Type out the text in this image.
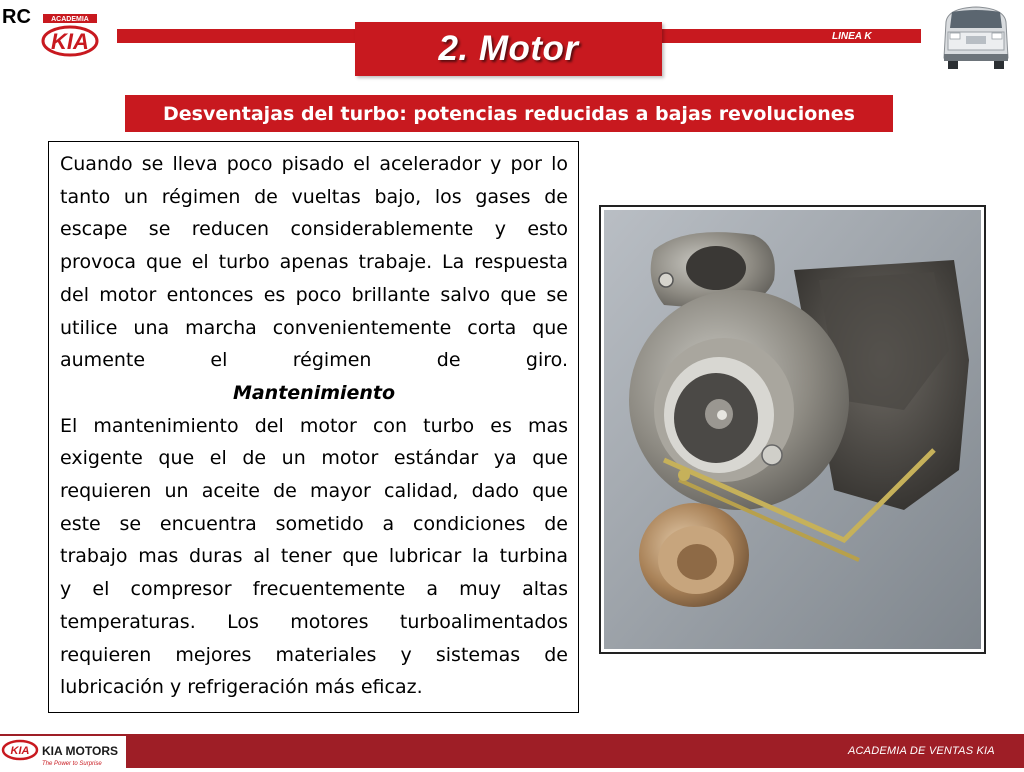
RC	ACADEMIA
KIA	2. Motor	LINEA K
Desventajas del turbo: potencias reducidas a bajas revoluciones

Cuando se lleva poco pisado el acelerador y por lo

tanto un régimen de vueltas bajo, los gases de

escape se reducen considerablemente y esto

provoca que el turbo apenas trabaje. La respuesta

del motor entonces es poco brillante salvo que se

utilice una marcha convenientemente corta que

aumente el régimen de giro.

Mantenimiento

El mantenimiento del motor con turbo es mas

exigente que el de un motor estándar ya que

requieren un aceite de mayor calidad, dado que

este se encuentra sometido a condiciones de

trabajo mas duras al tener que lubricar la turbina

y el compresor frecuentemente a muy altas

temperaturas. Los motores turboalimentados

requieren mejores materiales y sistemas de

lubricación y refrigeración más eficaz.

KIA KIA MOTORS
The Power to Surprise
ACADEMIA DE VENTAS KIA
